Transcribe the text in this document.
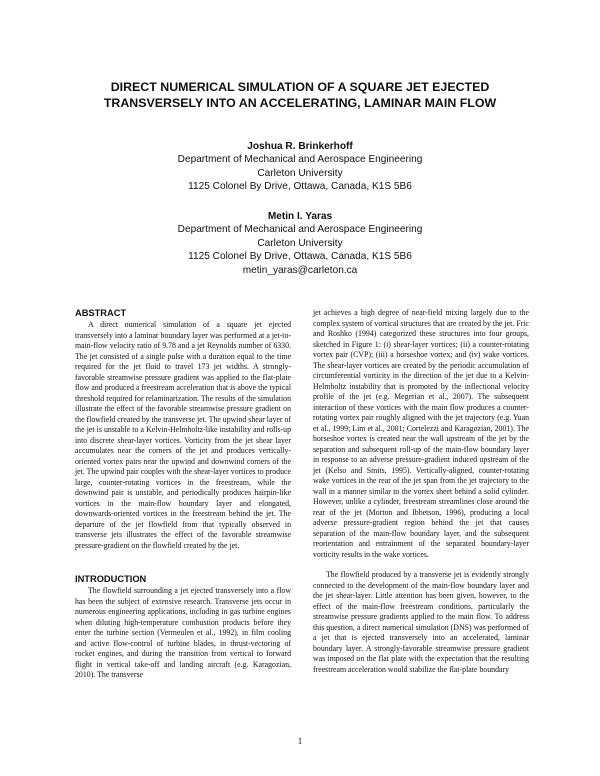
DIRECT NUMERICAL SIMULATION OF A SQUARE JET EJECTED
TRANSVERSELY INTO AN ACCELERATING, LAMINAR MAIN FLOW
Joshua R. Brinkerhoff
Department of Mechanical and Aerospace Engineering
Carleton University
1125 Colonel By Drive, Ottawa, Canada, K1S 5B6
Metin I. Yaras
Department of Mechanical and Aerospace Engineering
Carleton University
1125 Colonel By Drive, Ottawa, Canada, K1S 5B6
metin_yaras@carleton.ca
ABSTRACT

A direct numerical simulation of a square jet ejected transversely into a laminar boundary layer was performed at a jet-to-main-flow velocity ratio of 9.78 and a jet Reynolds number of 6330. The jet consisted of a single pulse with a duration equal to the time required for the jet fluid to travel 173 jet widths. A strongly-favorable streamwise pressure gradient was applied to the flat-plate flow and produced a freestream acceleration that is above the typical threshold required for relaminarization. The results of the simulation illustrate the effect of the favorable streamwise pressure gradient on the flowfield created by the transverse jet. The upwind shear layer of the jet is unstable to a Kelvin-Helmholtz-like instability and rolls-up into discrete shear-layer vortices. Vorticity from the jet shear layer accumulates near the corners of the jet and produces vertically-oriented vortex pairs near the upwind and downwind corners of the jet. The upwind pair couples with the shear-layer vortices to produce large, counter-rotating vortices in the freestream, while the downwind pair is unstable, and periodically produces hairpin-like vortices in the main-flow boundary layer and elongated, downwards-oriented vortices in the freestream behind the jet. The departure of the jet flowfield from that typically observed in transverse jets illustrates the effect of the favorable streamwise pressure-gradient on the flowfield created by the jet.

INTRODUCTION

The flowfield surrounding a jet ejected transversely into a flow has been the subject of extensive research. Transverse jets occur in numerous engineering applications, including in gas turbine engines when diluting high-temperature combustion products before they enter the turbine section (Vermeulen et al., 1992), in film cooling and active flow-control of turbine blades, in thrust-vectoring of rocket engines, and during the transition from vertical to forward flight in vertical take-off and landing aircraft (e.g. Karagozian, 2010). The transverse

jet achieves a high degree of near-field mixing largely due to the complex system of vortical structures that are created by the jet. Fric and Roshko (1994) categorized these structures into four groups, sketched in Figure 1: (i) shear-layer vortices; (ii) a counter-rotating vortex pair (CVP); (iii) a horseshoe vortex; and (iv) wake vortices. The shear-layer vortices are created by the periodic accumulation of circumferential vorticity in the direction of the jet due to a Kelvin-Helmholtz instability that is promoted by the inflectional velocity profile of the jet (e.g. Megerian et al., 2007). The subsequent interaction of these vortices with the main flow produces a counter-rotating vortex pair roughly aligned with the jet trajectory (e.g. Yuan et al., 1999; Lim et al., 2001; Cortelezzi and Karagozian, 2001). The horseshoe vortex is created near the wall upstream of the jet by the separation and subsequent roll-up of the main-flow boundary layer in response to an adverse pressure-gradient induced upstream of the jet (Kelso and Smits, 1995). Vertically-aligned, counter-rotating wake vortices in the rear of the jet span from the jet trajectory to the wall in a manner similar to the vortex sheet behind a solid cylinder. However, unlike a cylinder, freestream streamlines close around the rear of the jet (Morton and Ibbetson, 1996), producing a local adverse pressure-gradient region behind the jet that causes separation of the main-flow boundary layer, and the subsequent reorientation and entrainment of the separated boundary-layer vorticity results in the wake vortices.

The flowfield produced by a transverse jet is evidently strongly connected to the development of the main-flow boundary layer and the jet shear-layer. Little attention has been given, however, to the effect of the main-flow freestream conditions, particularly the streamwise pressure gradients applied to the main flow. To address this question, a direct numerical simulation (DNS) was performed of a jet that is ejected transversely into an accelerated, laminar boundary layer. A strongly-favorable streamwise pressure gradient was imposed on the flat plate with the expectation that the resulting freestream acceleration would stabilize the flat-plate boundary

1
